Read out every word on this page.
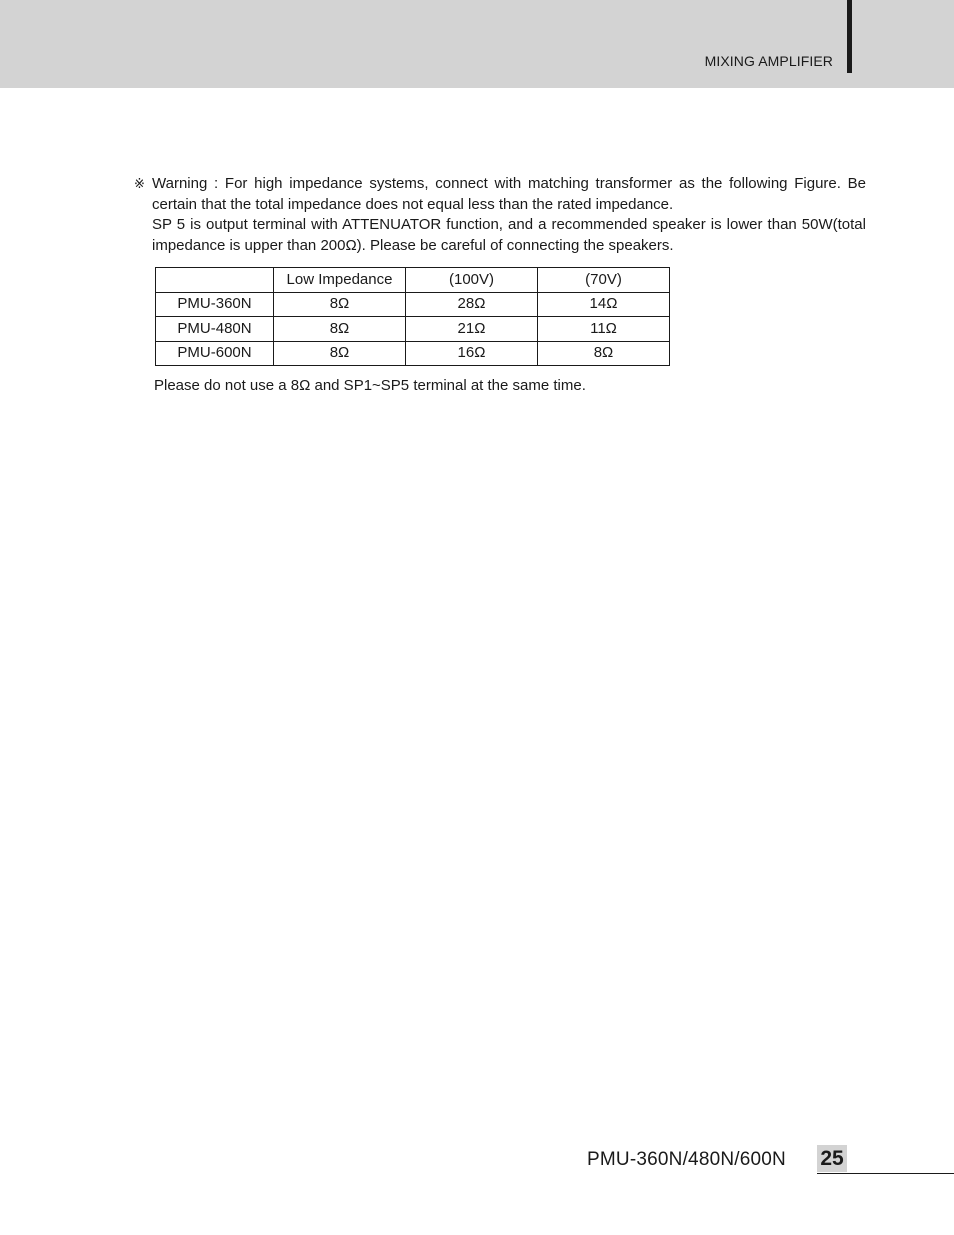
MIXING AMPLIFIER
※ Warning : For high impedance systems, connect with matching transformer as the following Figure. Be certain that the total impedance does not equal less than the rated impedance.

SP 5 is output terminal with ATTENUATOR function, and a recommended speaker is lower than 50W(total impedance is upper than 200Ω). Please be careful of connecting the speakers.

	Low Impedance	(100V)	(70V)
PMU-360N	8Ω	28Ω	14Ω
PMU-480N	8Ω	21Ω	11Ω
PMU-600N	8Ω	16Ω	8Ω
Please do not use a 8Ω and SP1~SP5 terminal at the same time.
PMU-360N/480N/600N 25
